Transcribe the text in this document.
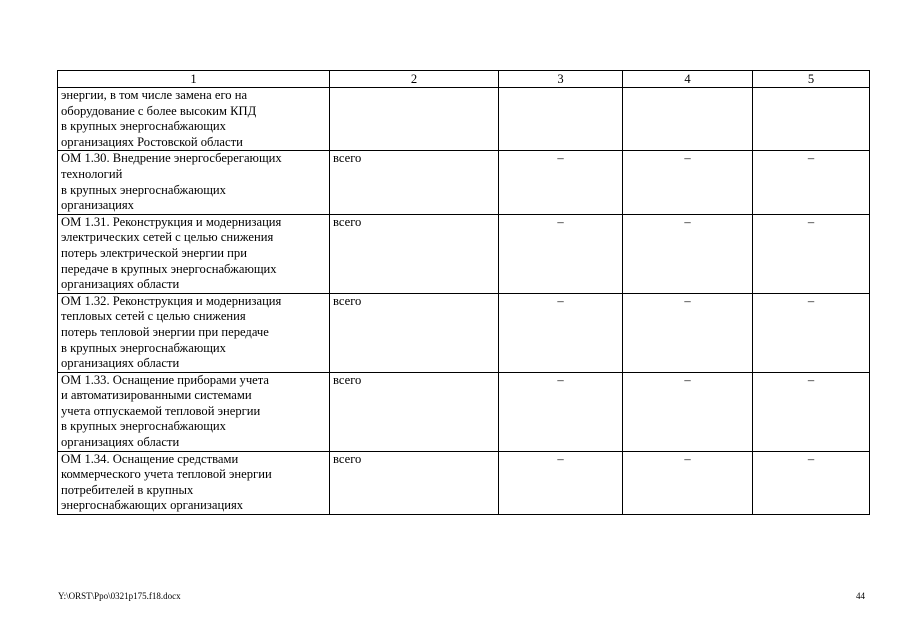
1	2	3	4	5

энергии, в том числе замена его на
оборудование с более высоким КПД
в крупных энергоснабжающих
организациях Ростовской области				

ОМ 1.30. Внедрение энергосберегающих
технологий
в крупных энергоснабжающих
организациях	всего	–	–	–

ОМ 1.31. Реконструкция и модернизация
электрических сетей с целью снижения
потерь электрической энергии при
передаче в крупных энергоснабжающих
организациях области	всего	–	–	–

ОМ 1.32. Реконструкция и модернизация
тепловых сетей с целью снижения
потерь тепловой энергии при передаче
в крупных энергоснабжающих
организациях области	всего	–	–	–

ОМ 1.33. Оснащение приборами учета
и автоматизированными системами
учета отпускаемой тепловой энергии
в крупных энергоснабжающих
организациях области	всего	–	–	–

ОМ 1.34. Оснащение средствами
коммерческого учета тепловой энергии
потребителей в крупных
энергоснабжающих организациях	всего	–	–	–
Y:\ORST\Ppo\0321p175.f18.docx	44
